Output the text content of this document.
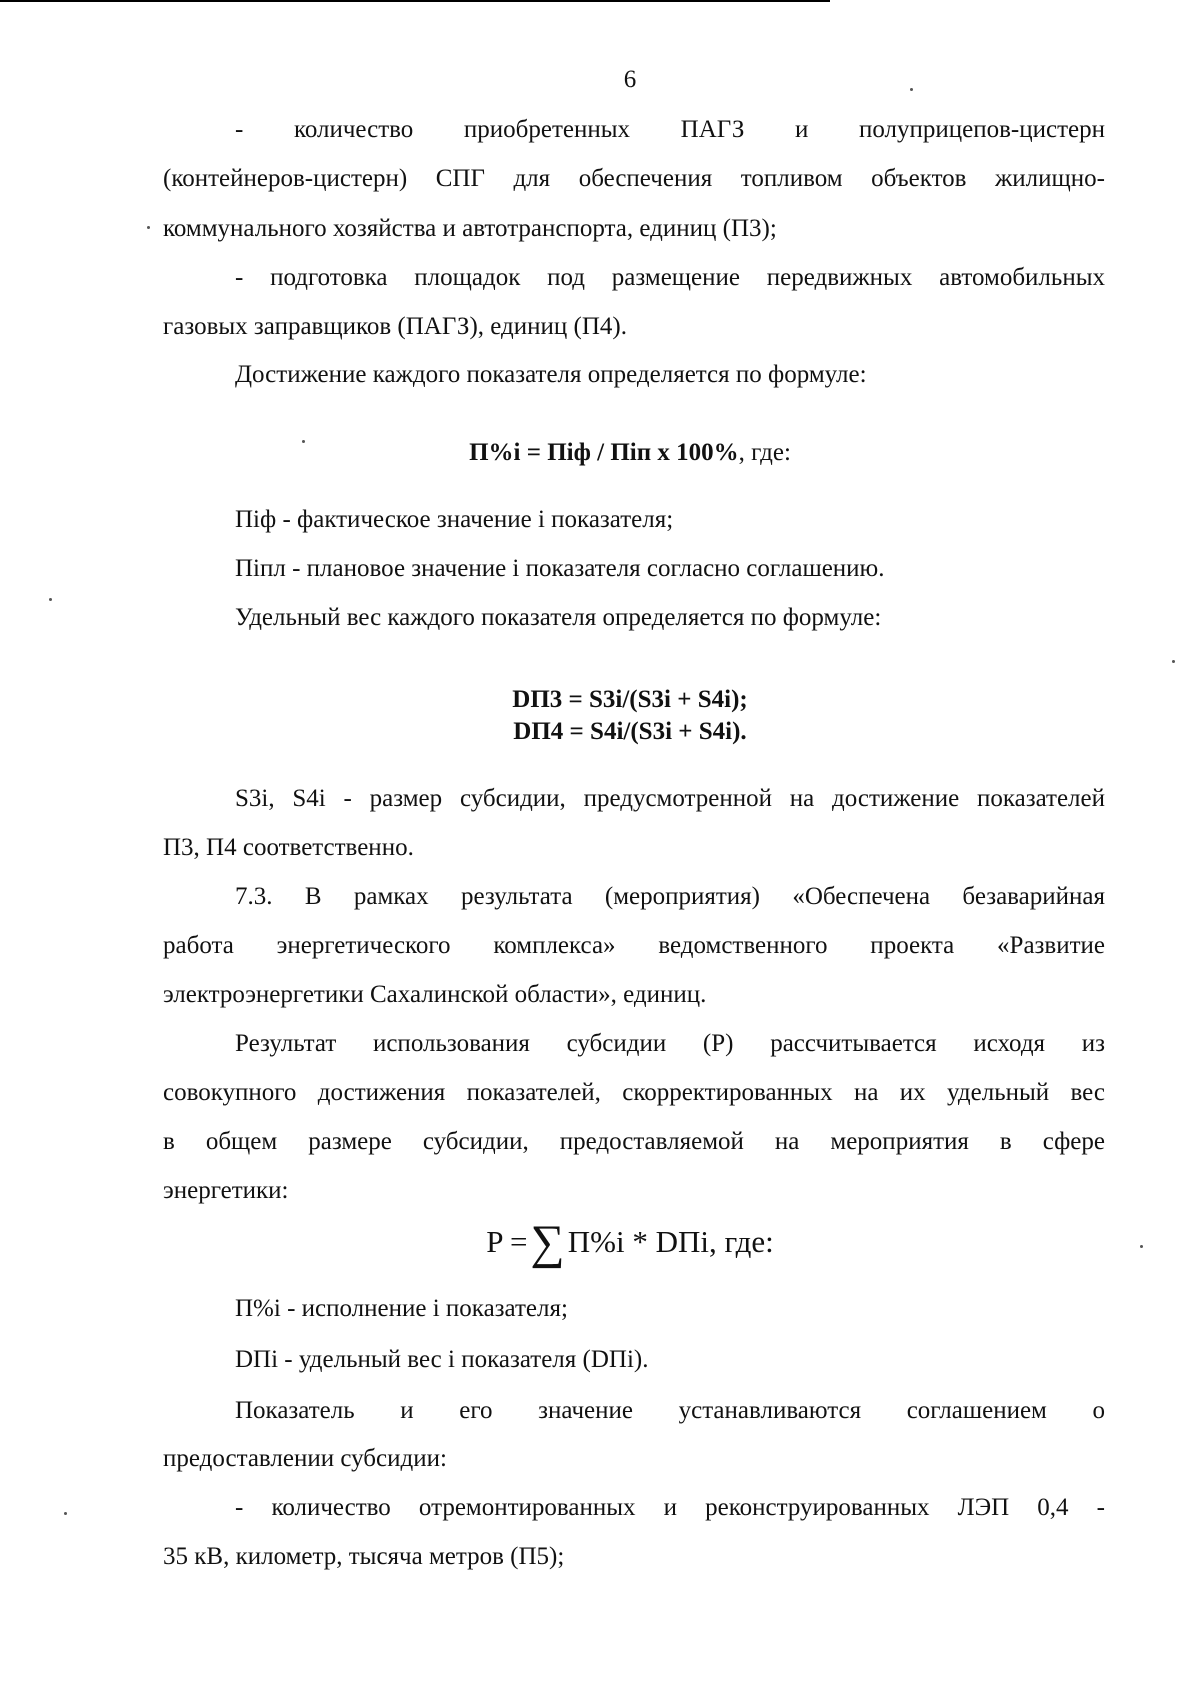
6
- количество приобретенных ПАГЗ и полуприцепов-цистерн
(контейнеров-цистерн) СПГ для обеспечения топливом объектов жилищно-
коммунального хозяйства и автотранспорта, единиц (П3);
- подготовка площадок под размещение передвижных автомобильных
газовых заправщиков (ПАГЗ), единиц (П4).
Достижение каждого показателя определяется по формуле:
П%i = Пiф / Пiп х 100%, где:
Пiф - фактическое значение i показателя;
Пiпл - плановое значение i показателя согласно соглашению.
Удельный вес каждого показателя определяется по формуле:
DП3 = S3i/(S3i + S4i);
DП4 = S4i/(S3i + S4i).
S3i, S4i - размер субсидии, предусмотренной на достижение показателей
П3, П4 соответственно.
7.3. В рамках результата (мероприятия) «Обеспечена безаварийная
работа энергетического комплекса» ведомственного проекта «Развитие
электроэнергетики Сахалинской области», единиц.
Результат использования субсидии (Р) рассчитывается исходя из
совокупного достижения показателей, скорректированных на их удельный вес
в общем размере субсидии, предоставляемой на мероприятия в сфере
энергетики:
P =∑П%i * DПi, где:
П%i - исполнение i показателя;
DПi - удельный вес i показателя (DПi).
Показатель и его значение устанавливаются соглашением о
предоставлении субсидии:
- количество отремонтированных и реконструированных ЛЭП 0,4 -
35 кВ, километр, тысяча метров (П5);
